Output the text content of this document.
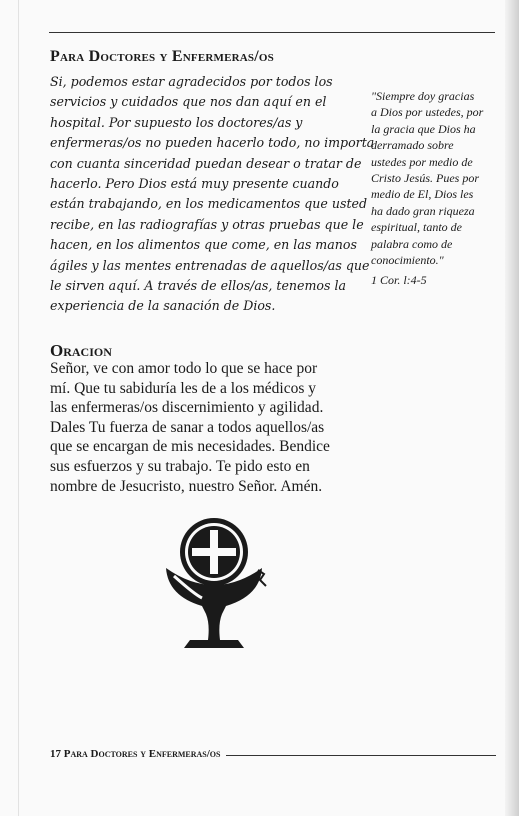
Para Doctores y Enfermeras/os
Si, podemos estar agradecidos por todos los
servicios y cuidados que nos dan aquí en el
hospital. Por supuesto los doctores/as y
enfermeras/os no pueden hacerlo todo, no importa
con cuanta sinceridad puedan desear o tratar de
hacerlo. Pero Dios está muy presente cuando
están trabajando, en los medicamentos que usted
recibe, en las radiografías y otras pruebas que le
hacen, en los alimentos que come, en las manos
ágiles y las mentes entrenadas de aquellos/as que
le sirven aquí. A través de ellos/as, tenemos la
experiencia de la sanación de Dios.
"Siempre doy gracias
a Dios por ustedes, por
la gracia que Dios ha
derramado sobre
ustedes por medio de
Cristo Jesús. Pues por
medio de El, Dios les
ha dado gran riqueza
espiritual, tanto de
palabra como de
conocimiento."
1 Cor. l:4-5
Oracion
Señor, ve con amor todo lo que se hace por
mí. Que tu sabiduría les de a los médicos y
las enfermeras/os discernimiento y agilidad.
Dales Tu fuerza de sanar a todos aquellos/as
que se encargan de mis necesidades. Bendice
sus esfuerzos y su trabajo. Te pido esto en
nombre de Jesucristo, nuestro Señor. Amén.
17 Para Doctores y Enfermeras/os
